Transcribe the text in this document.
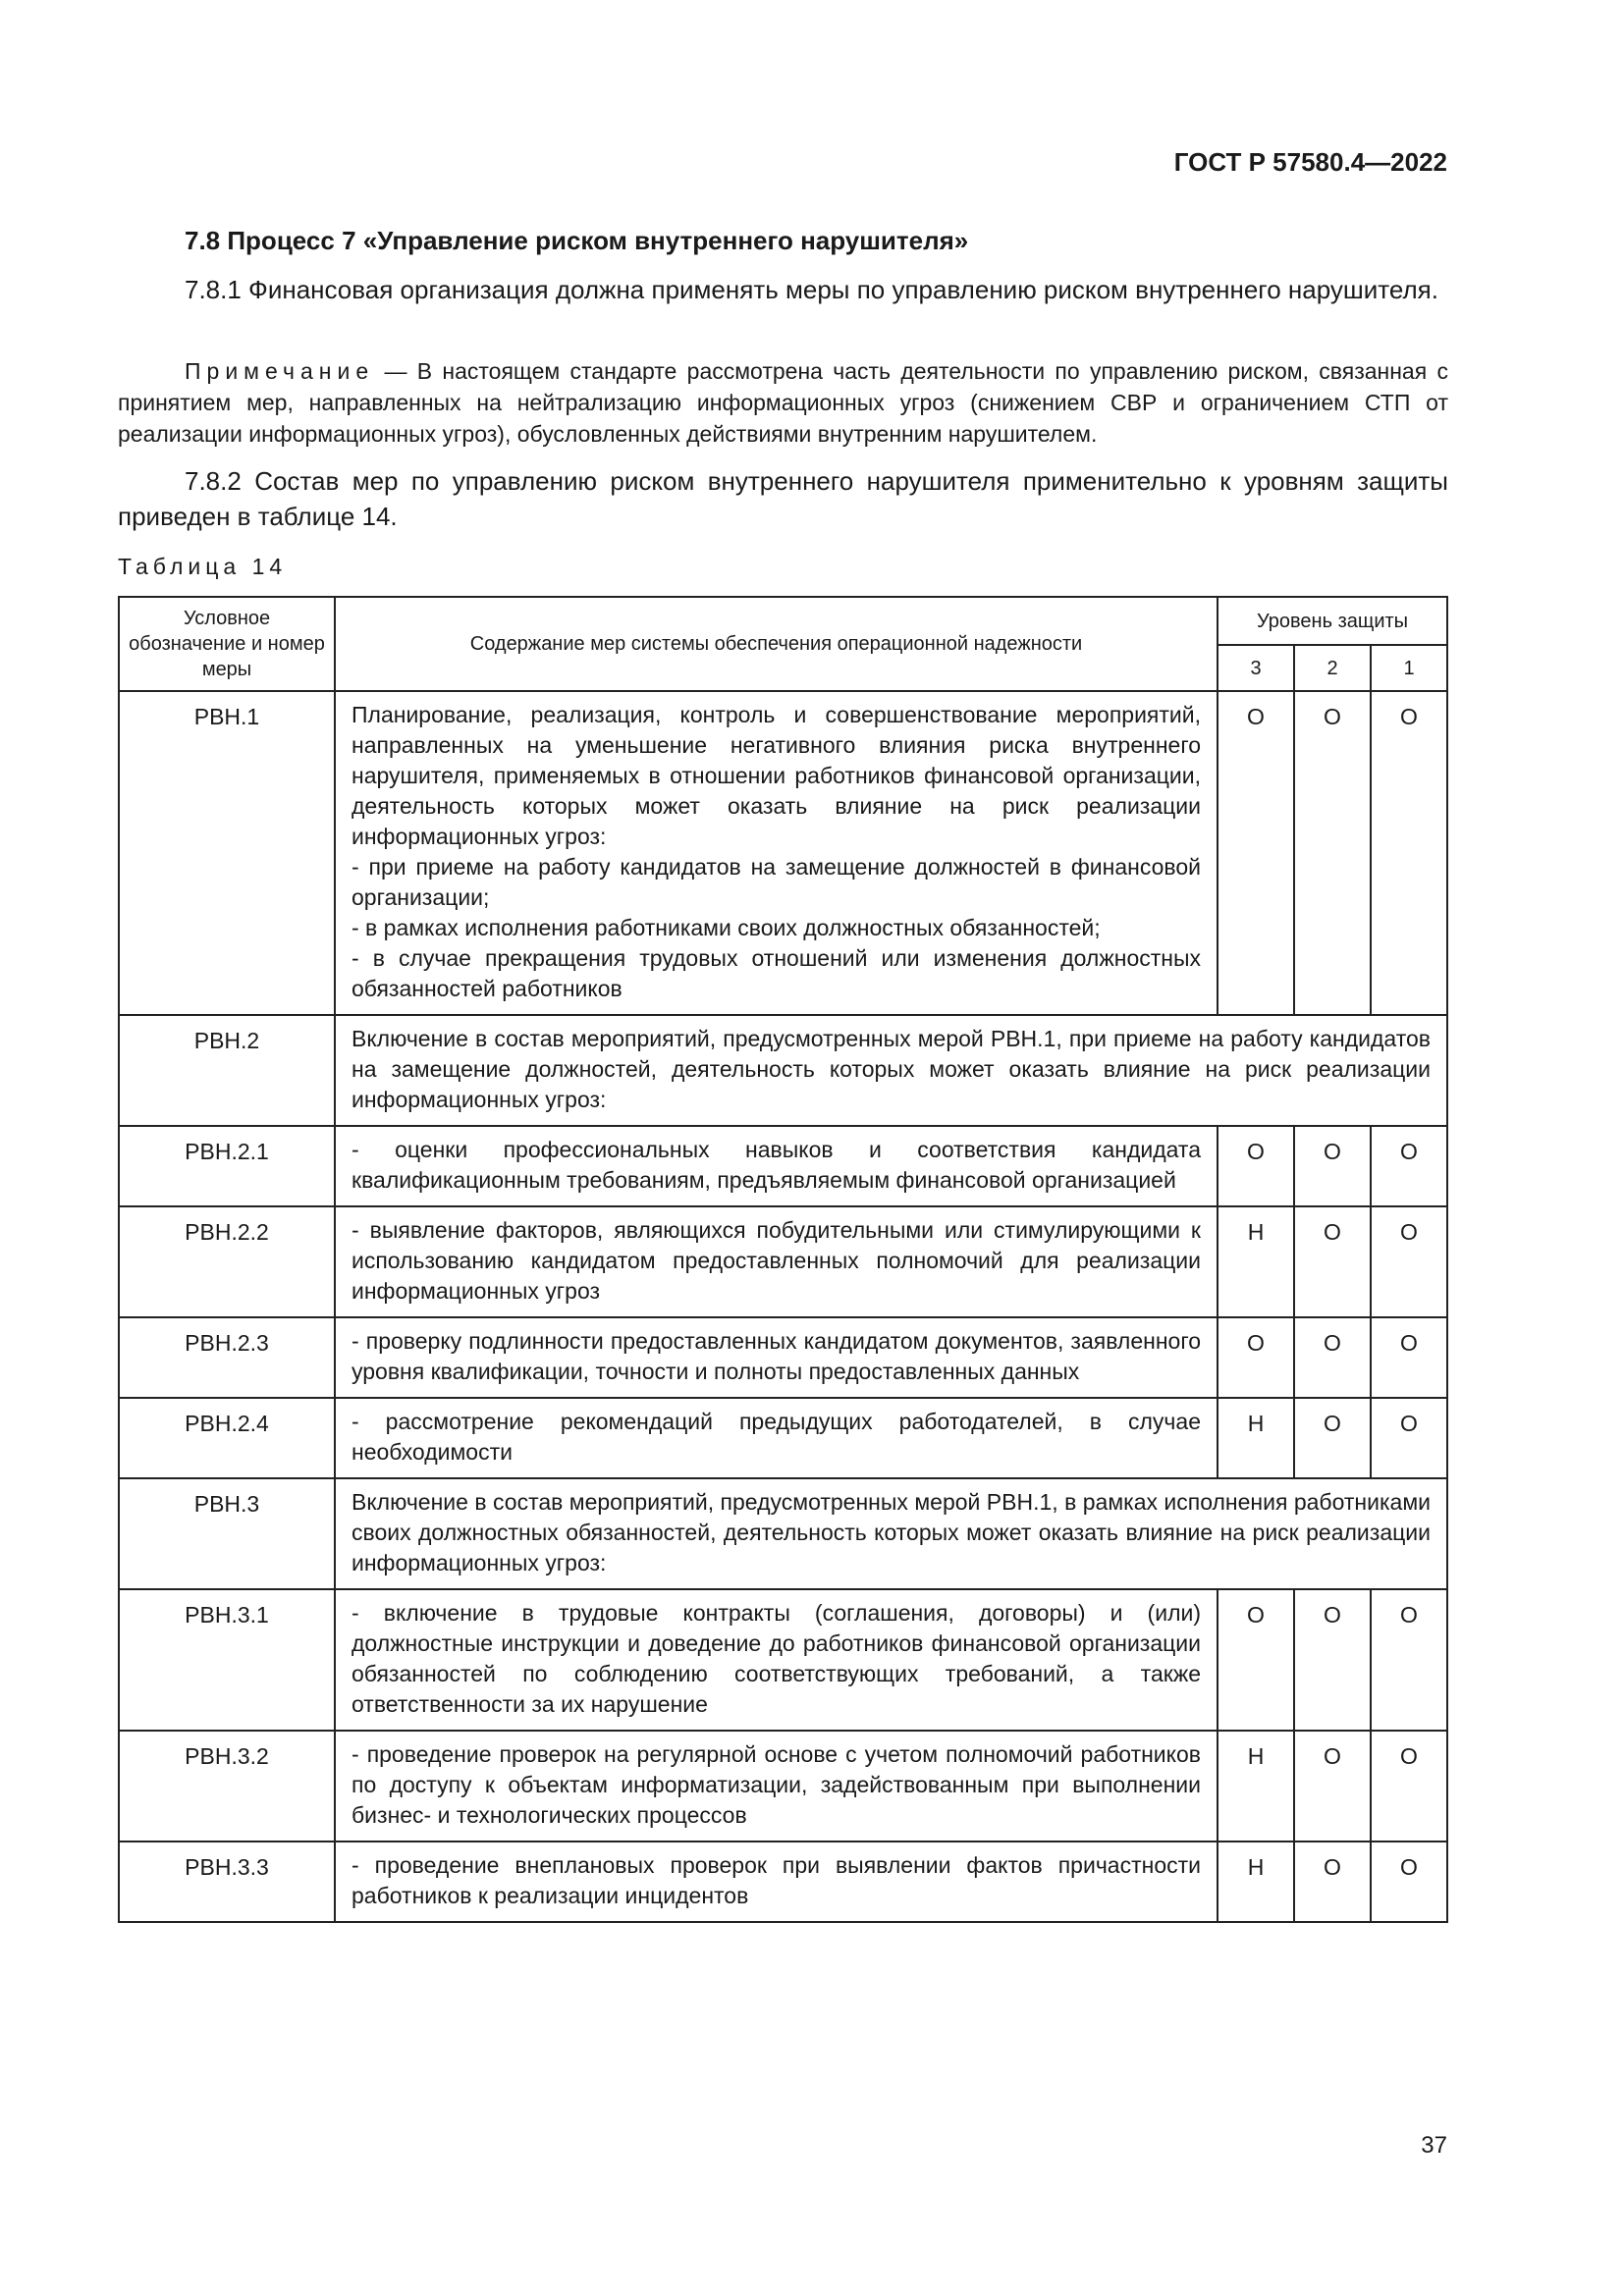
ГОСТ Р 57580.4—2022
7.8 Процесс 7 «Управление риском внутреннего нарушителя»
7.8.1 Финансовая организация должна применять меры по управлению риском внутреннего нарушителя.
Примечание — В настоящем стандарте рассмотрена часть деятельности по управлению риском, связанная с принятием мер, направленных на нейтрализацию информационных угроз (снижением СВР и ограничением СТП от реализации информационных угроз), обусловленных действиями внутренним нарушителем.
7.8.2 Состав мер по управлению риском внутреннего нарушителя применительно к уровням защиты приведен в таблице 14.
Таблица 14
Условное обозначение и номер меры	Содержание мер системы обеспечения операционной надежности	Уровень защиты		
		3	2	1
РВН.1	Планирование, реализация, контроль и совершенствование мероприятий, направленных на уменьшение негативного влияния риска внутреннего нарушителя, применяемых в отношении работников финансовой организации, деятельность которых может оказать влияние на риск реализации информационных угроз:
- при приеме на работу кандидатов на замещение должностей в финансовой организации;
- в рамках исполнения работниками своих должностных обязанностей;
- в случае прекращения трудовых отношений или изменения должностных обязанностей работников	О	О	О
РВН.2	Включение в состав мероприятий, предусмотренных мерой РВН.1, при приеме на работу кандидатов на замещение должностей, деятельность которых может оказать влияние на риск реализации информационных угроз:			

РВН.2.1	- оценки профессиональных навыков и соответствия кандидата квалификационным требованиям, предъявляемым финансовой организацией	О	О	О
РВН.2.2	- выявление факторов, являющихся побудительными или стимулирующими к использованию кандидатом предоставленных полномочий для реализации информационных угроз	Н	О	О
РВН.2.3	- проверку подлинности предоставленных кандидатом документов, заявленного уровня квалификации, точности и полноты предоставленных данных	О	О	О
РВН.2.4	- рассмотрение рекомендаций предыдущих работодателей, в случае необходимости	Н	О	О
РВН.3	Включение в состав мероприятий, предусмотренных мерой РВН.1, в рамках исполнения работниками своих должностных обязанностей, деятельность которых может оказать влияние на риск реализации информационных угроз:			

РВН.3.1	- включение в трудовые контракты (соглашения, договоры) и (или) должностные инструкции и доведение до работников финансовой организации обязанностей по соблюдению соответствующих требований, а также ответственности за их нарушение	О	О	О
РВН.3.2	- проведение проверок на регулярной основе с учетом полномочий работников по доступу к объектам информатизации, задействованным при выполнении бизнес- и технологических процессов	Н	О	О
РВН.3.3	- проведение внеплановых проверок при выявлении фактов причастности работников к реализации инцидентов	Н	О	О
37
